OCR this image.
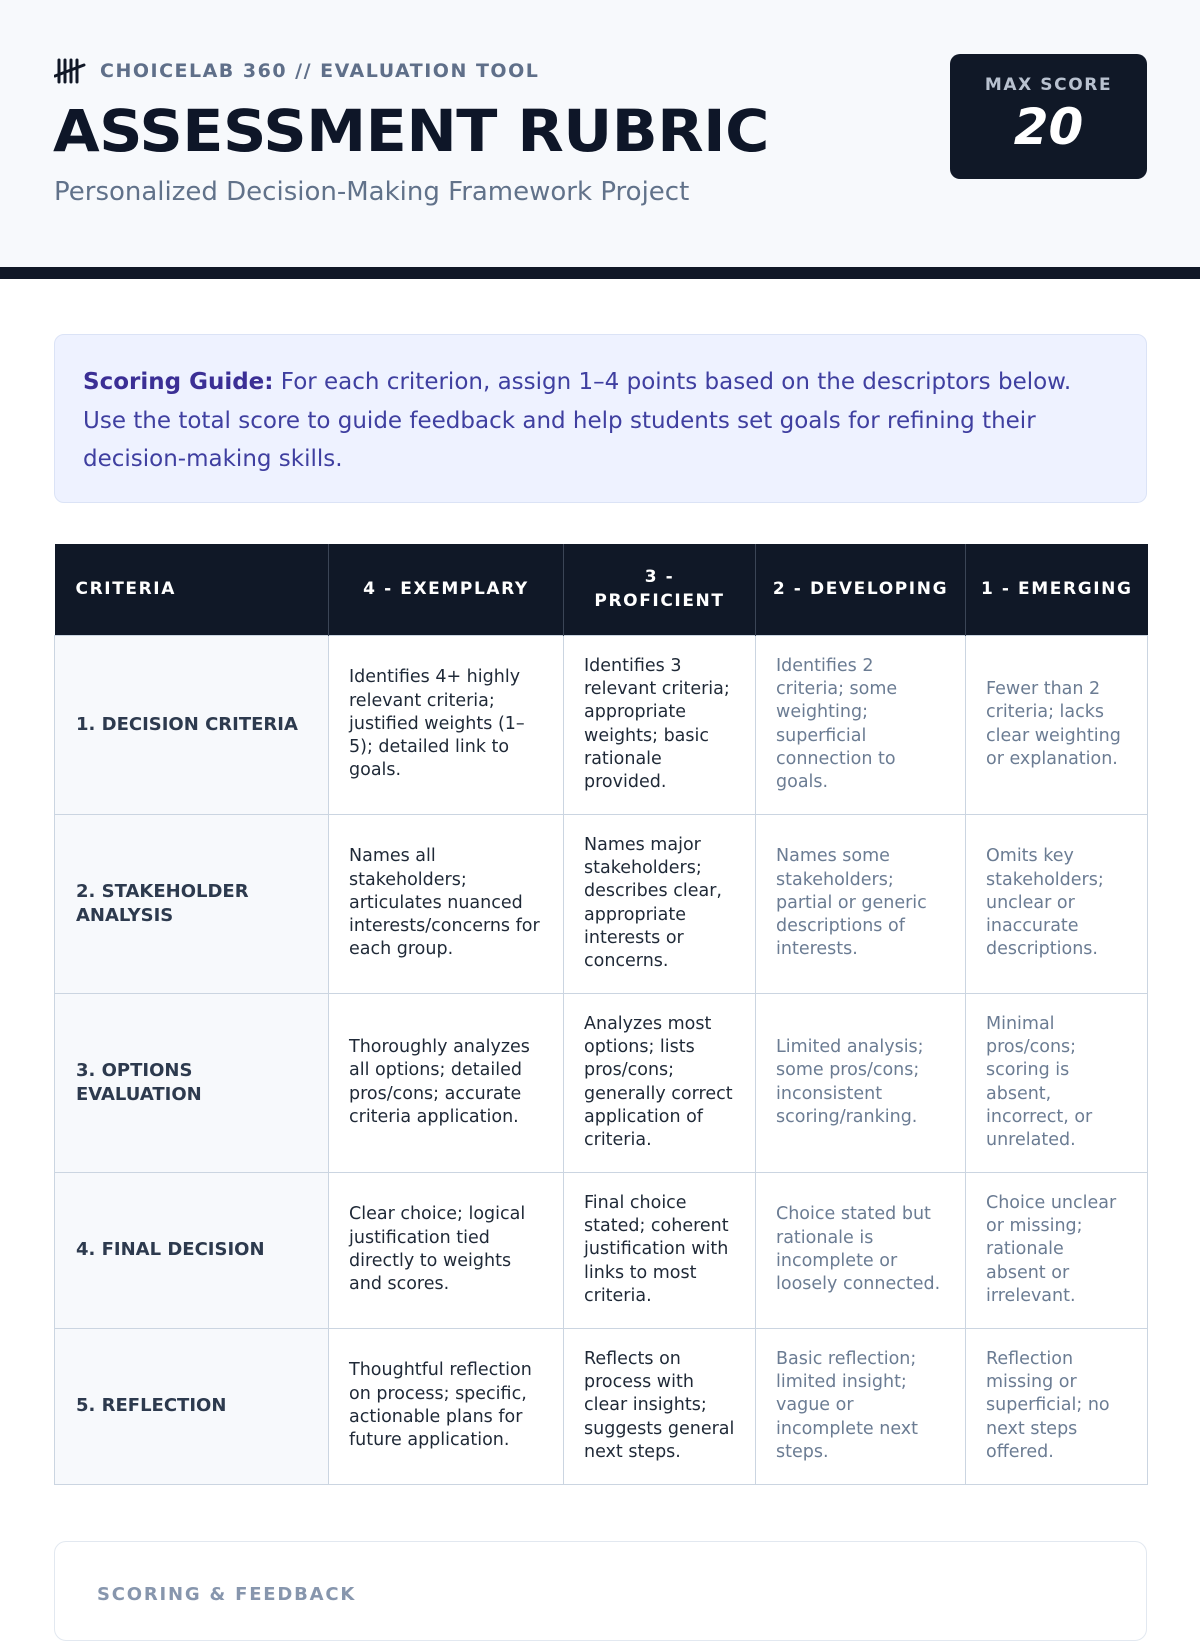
CHOICELAB 360 // EVALUATION TOOL
ASSESSMENT RUBRIC
Personalized Decision-Making Framework Project
MAX SCORE
20
Scoring Guide: For each criterion, assign 1–4 points based on the descriptors below. Use the total score to guide feedback and help students set goals for refining their decision-making skills.
CRITERIA	4 - EXEMPLARY	3 - PROFICIENT	2 - DEVELOPING	1 - EMERGING
1. DECISION CRITERIA	Identifies 4+ highly relevant criteria; justified weights (1–5); detailed link to goals.	Identifies 3 relevant criteria; appropriate weights; basic rationale provided.	Identifies 2 criteria; some weighting; superficial connection to goals.	Fewer than 2 criteria; lacks clear weighting or explanation.
2. STAKEHOLDER ANALYSIS	Names all stakeholders; articulates nuanced interests/concerns for each group.	Names major stakeholders; describes clear, appropriate interests or concerns.	Names some stakeholders; partial or generic descriptions of interests.	Omits key stakeholders; unclear or inaccurate descriptions.
3. OPTIONS EVALUATION	Thoroughly analyzes all options; detailed pros/cons; accurate criteria application.	Analyzes most options; lists pros/cons; generally correct application of criteria.	Limited analysis; some pros/cons; inconsistent scoring/ranking.	Minimal pros/cons; scoring is absent, incorrect, or unrelated.
4. FINAL DECISION	Clear choice; logical justification tied directly to weights and scores.	Final choice stated; coherent justification with links to most criteria.	Choice stated but rationale is incomplete or loosely connected.	Choice unclear or missing; rationale absent or irrelevant.
5. REFLECTION	Thoughtful reflection on process; specific, actionable plans for future application.	Reflects on process with clear insights; suggests general next steps.	Basic reflection; limited insight; vague or incomplete next steps.	Reflection missing or superficial; no next steps offered.
SCORING & FEEDBACK
